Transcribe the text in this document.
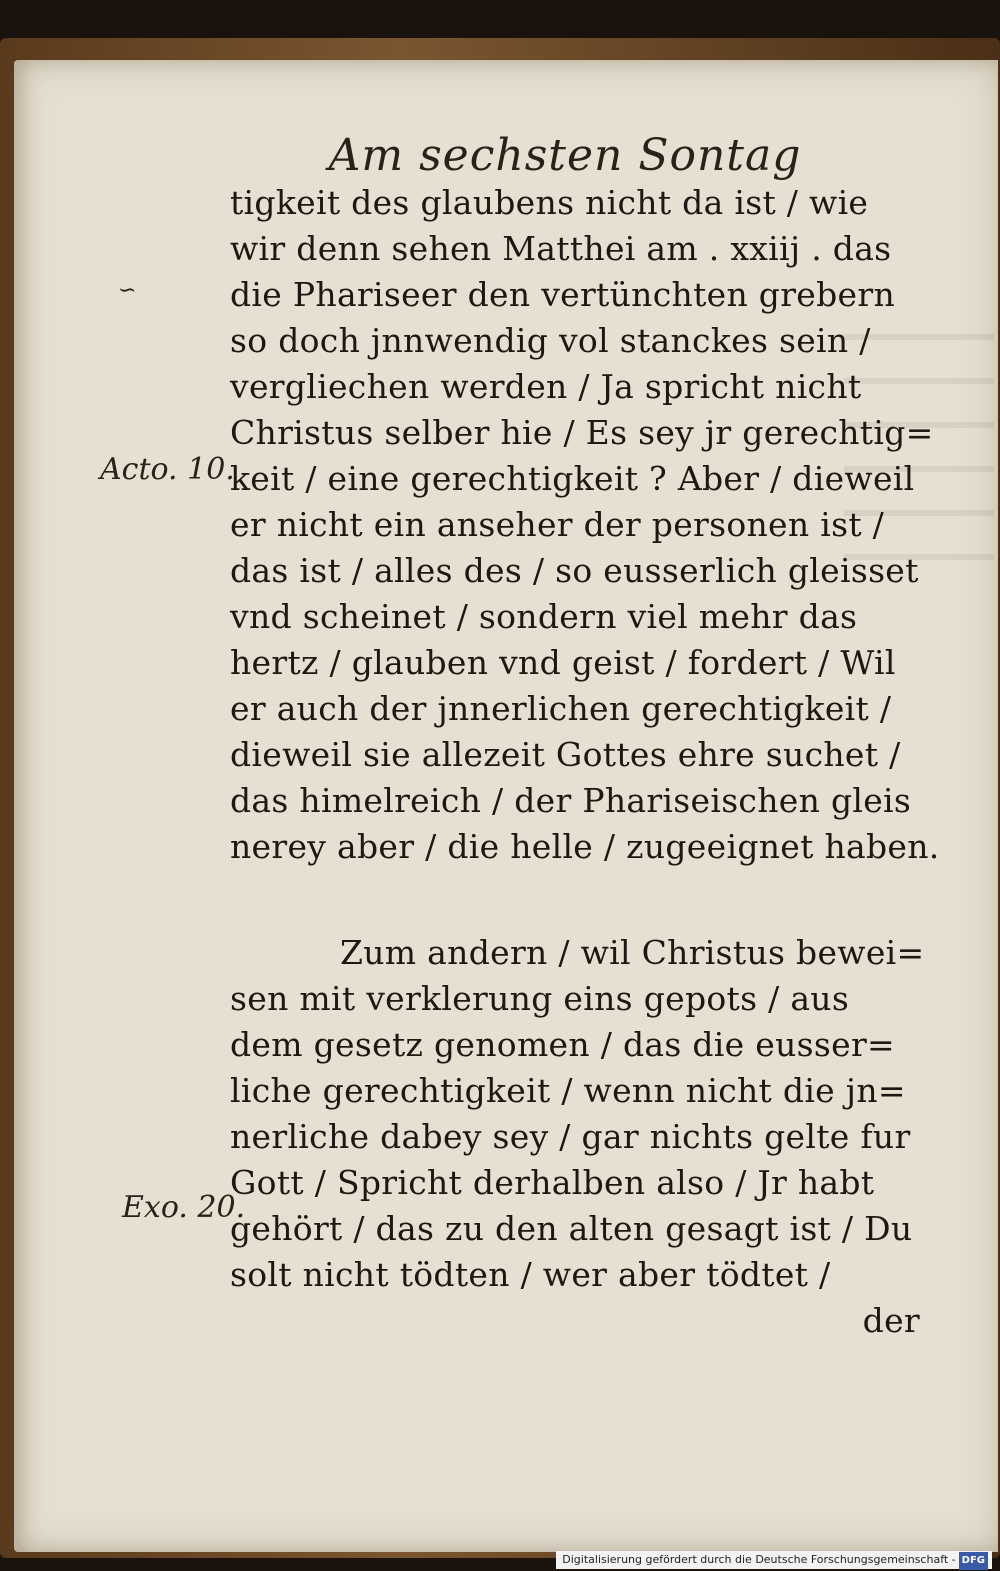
Am sechsten Sontag
∽
Acto. 10.
Exo. 20.
tigkeit des glaubens nicht da ist / wie
wir denn sehen Matthei am . xxiij . das
die Phariseer den vertünchten grebern
so doch jnnwendig vol stanckes sein /
vergliechen werden / Ja spricht nicht
Christus selber hie / Es sey jr gerechtig=
keit / eine gerechtigkeit ? Aber / dieweil
er nicht ein anseher der personen ist /
das ist / alles des / so eusserlich gleisset
vnd scheinet / sondern viel mehr das
hertz / glauben vnd geist / fordert / Wil
er auch der jnnerlichen gerechtigkeit /
dieweil sie allezeit Gottes ehre suchet /
das himelreich / der Phariseischen gleis
nerey aber / die helle / zugeeignet haben.
Zum andern / wil Christus bewei=
sen mit verklerung eins gepots / aus
dem gesetz genomen / das die eusser=
liche gerechtigkeit / wenn nicht die jn=
nerliche dabey sey / gar nichts gelte fur
Gott / Spricht derhalben also / Jr habt
gehört / das zu den alten gesagt ist / Du
solt nicht tödten / wer aber tödtet /
der
Digitalisierung gefördert durch die Deutsche Forschungsgemeinschaft - DFG
